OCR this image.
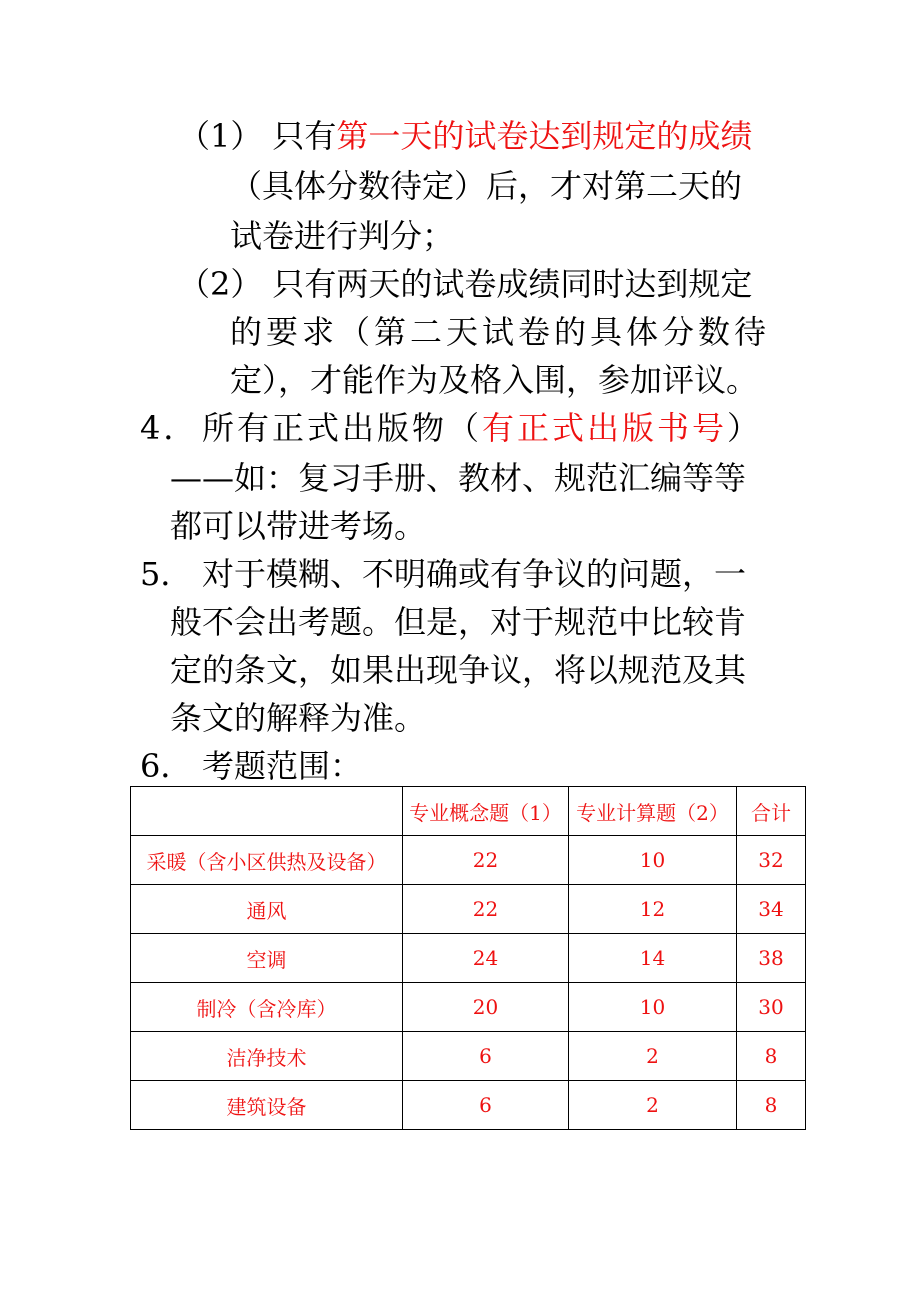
（1） 只有第一天的试卷达到规定的成绩
（具体分数待定）后，才对第二天的
试卷进行判分；
（2） 只有两天的试卷成绩同时达到规定
的要求（第二天试卷的具体分数待
定），才能作为及格入围，参加评议。
4． 所有正式出版物（有正式出版书号）
——如：复习手册、教材、规范汇编等等
都可以带进考场。
5． 对于模糊、不明确或有争议的问题，一
般不会出考题。但是，对于规范中比较肯
定的条文，如果出现争议，将以规范及其
条文的解释为准。
6． 考题范围：
	专业概念题（1）	专业计算题（2）	合计
采暖（含小区供热及设备）	22	10	32
通风	22	12	34
空调	24	14	38
制冷（含冷库）	20	10	30
洁净技术	6	2	8
建筑设备	6	2	8
